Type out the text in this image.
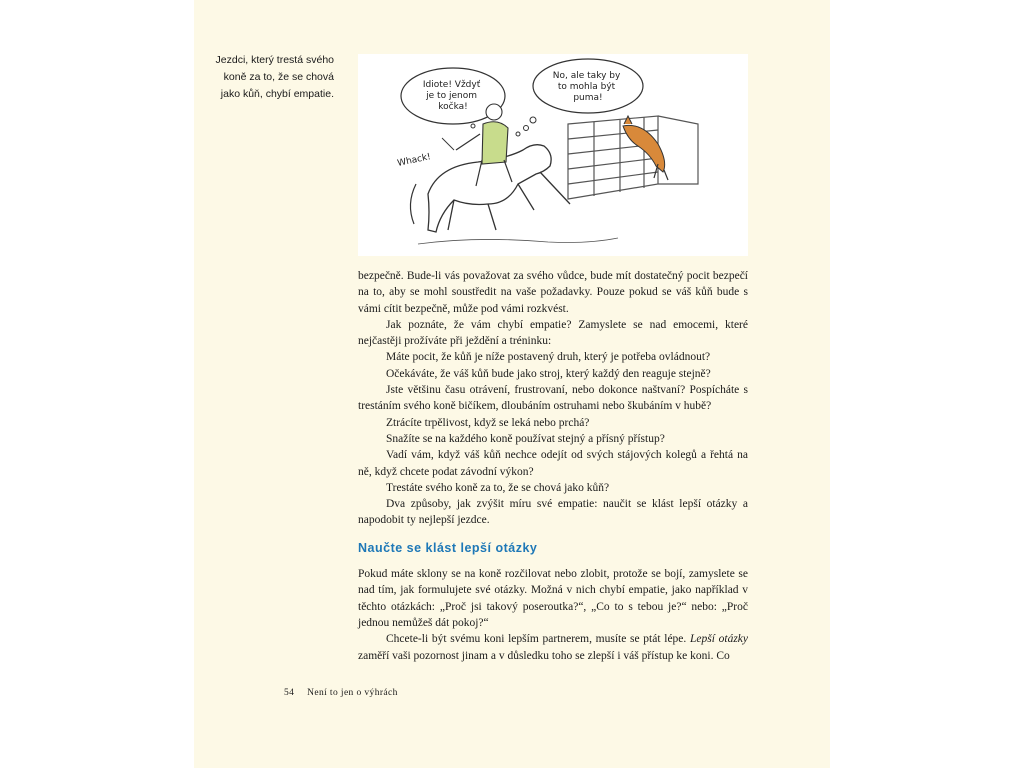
Jezdci, který trestá svého koně za to, že se chová jako kůň, chybí empatie.
Idiote! Vždyť je to jenom kočka!
No, ale taky by to mohla být puma!
Whack!

bezpečně. Bude-li vás považovat za svého vůdce, bude mít dostatečný pocit bezpečí na to, aby se mohl soustředit na vaše požadavky. Pouze pokud se váš kůň bude s vámi cítit bezpečně, může pod vámi rozkvést.

Jak poznáte, že vám chybí empatie? Zamyslete se nad emocemi, které nejčastěji prožíváte při ježdění a tréninku:

Máte pocit, že kůň je níže postavený druh, který je potřeba ovládnout?

Očekáváte, že váš kůň bude jako stroj, který každý den reaguje stejně?

Jste většinu času otrávení, frustrovaní, nebo dokonce naštvaní? Pospícháte s trestáním svého koně bičíkem, dloubáním ostruhami nebo škubáním v hubě?

Ztrácíte trpělivost, když se leká nebo prchá?

Snažíte se na každého koně používat stejný a přísný přístup?

Vadí vám, když váš kůň nechce odejít od svých stájových kolegů a řehtá na ně, když chcete podat závodní výkon?

Trestáte svého koně za to, že se chová jako kůň?

Dva způsoby, jak zvýšit míru své empatie: naučit se klást lepší otázky a napodobit ty nejlepší jezdce.

Naučte se klást lepší otázky

Pokud máte sklony se na koně rozčilovat nebo zlobit, protože se bojí, zamyslete se nad tím, jak formulujete své otázky. Možná v nich chybí empatie, jako například v těchto otázkách: „Proč jsi takový poseroutka?“, „Co to s tebou je?“ nebo: „Proč jednou nemůžeš dát pokoj?“

Chcete-li být svému koni lepším partnerem, musíte se ptát lépe. Lepší otázky zaměří vaši pozornost jinam a v důsledku toho se zlepší i váš přístup ke koni. Co

54 Není to jen o výhrách
